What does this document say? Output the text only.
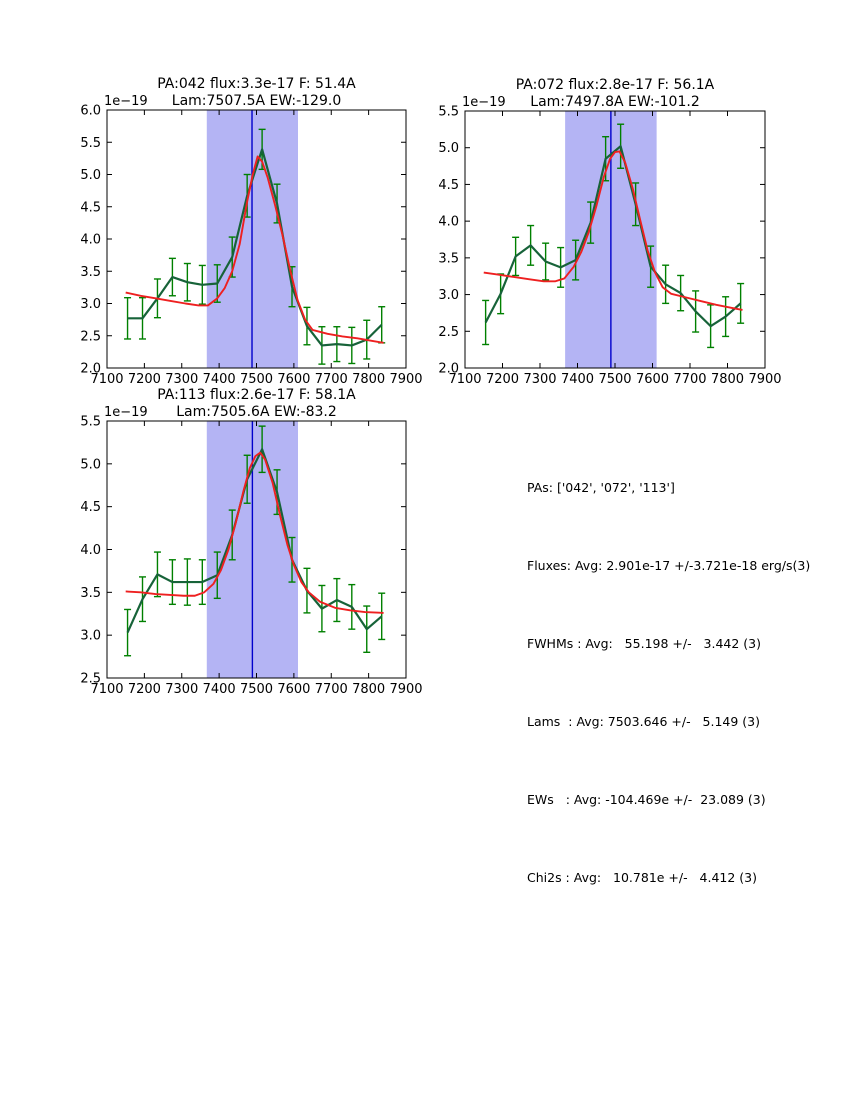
7100 7200 7300 7400 7500 7600 7700 7800 7900
2.0
2.5
3.0
3.5
4.0
4.5
5.0
5.5
6.0
1e−19
PA:042 flux:3.3e-17 F: 51.4A
Lam:7507.5A EW:-129.0
7100 7200 7300 7400 7500 7600 7700 7800 7900
2.0
2.5
3.0
3.5
4.0
4.5
5.0
5.5
1e−19
PA:072 flux:2.8e-17 F: 56.1A
Lam:7497.8A EW:-101.2
7100 7200 7300 7400 7500 7600 7700 7800 7900
2.5
3.0
3.5
4.0
4.5
5.0
5.5
1e−19
PA:113 flux:2.6e-17 F: 58.1A
Lam:7505.6A EW:-83.2

PAs: ['042', '072', '113']

Fluxes: Avg: 2.901e-17 +/-3.721e-18 erg/s(3)

FWHMs : Avg:   55.198 +/-   3.442 (3)

Lams  : Avg: 7503.646 +/-   5.149 (3)

EWs   : Avg: -104.469e +/-  23.089 (3)

Chi2s : Avg:   10.781e +/-   4.412 (3)
